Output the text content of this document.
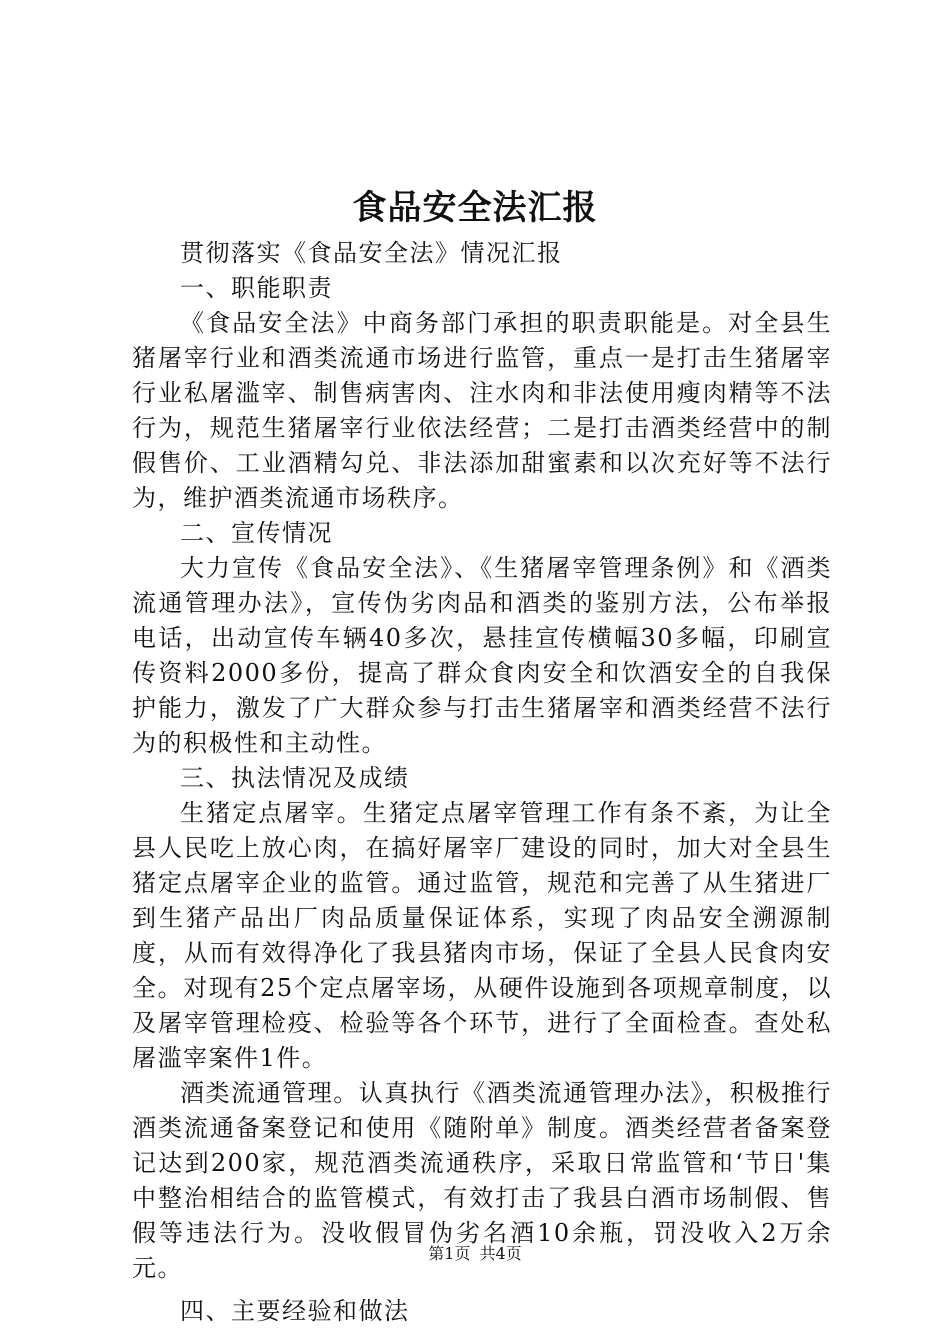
食品安全法汇报

贯彻落实《食品安全法》情况汇报

一、职能职责

《食品安全法》中商务部门承担的职责职能是。对全县生猪屠宰行业和酒类流通市场进行监管，重点一是打击生猪屠宰行业私屠滥宰、制售病害肉、注水肉和非法使用瘦肉精等不法行为，规范生猪屠宰行业依法经营；二是打击酒类经营中的制假售价、工业酒精勾兑、非法添加甜蜜素和以次充好等不法行为，维护酒类流通市场秩序。

二、宣传情况

大力宣传《食品安全法》、《生猪屠宰管理条例》和《酒类流通管理办法》，宣传伪劣肉品和酒类的鉴别方法，公布举报电话，出动宣传车辆40多次，悬挂宣传横幅30多幅，印刷宣传资料2000多份，提高了群众食肉安全和饮酒安全的自我保护能力，激发了广大群众参与打击生猪屠宰和酒类经营不法行为的积极性和主动性。

三、执法情况及成绩

生猪定点屠宰。生猪定点屠宰管理工作有条不紊，为让全县人民吃上放心肉，在搞好屠宰厂建设的同时，加大对全县生猪定点屠宰企业的监管。通过监管，规范和完善了从生猪进厂到生猪产品出厂肉品质量保证体系，实现了肉品安全溯源制度，从而有效得净化了我县猪肉市场，保证了全县人民食肉安全。对现有25个定点屠宰场，从硬件设施到各项规章制度，以及屠宰管理检疫、检验等各个环节，进行了全面检查。查处私屠滥宰案件1件。

酒类流通管理。认真执行《酒类流通管理办法》，积极推行酒类流通备案登记和使用《随附单》制度。酒类经营者备案登记达到200家，规范酒类流通秩序，采取日常监管和‘节日'集中整治相结合的监管模式，有效打击了我县白酒市场制假、售假等违法行为。没收假冒伪劣名酒10余瓶，罚没收入2万余元。

四、主要经验和做法

第1页 共4页
